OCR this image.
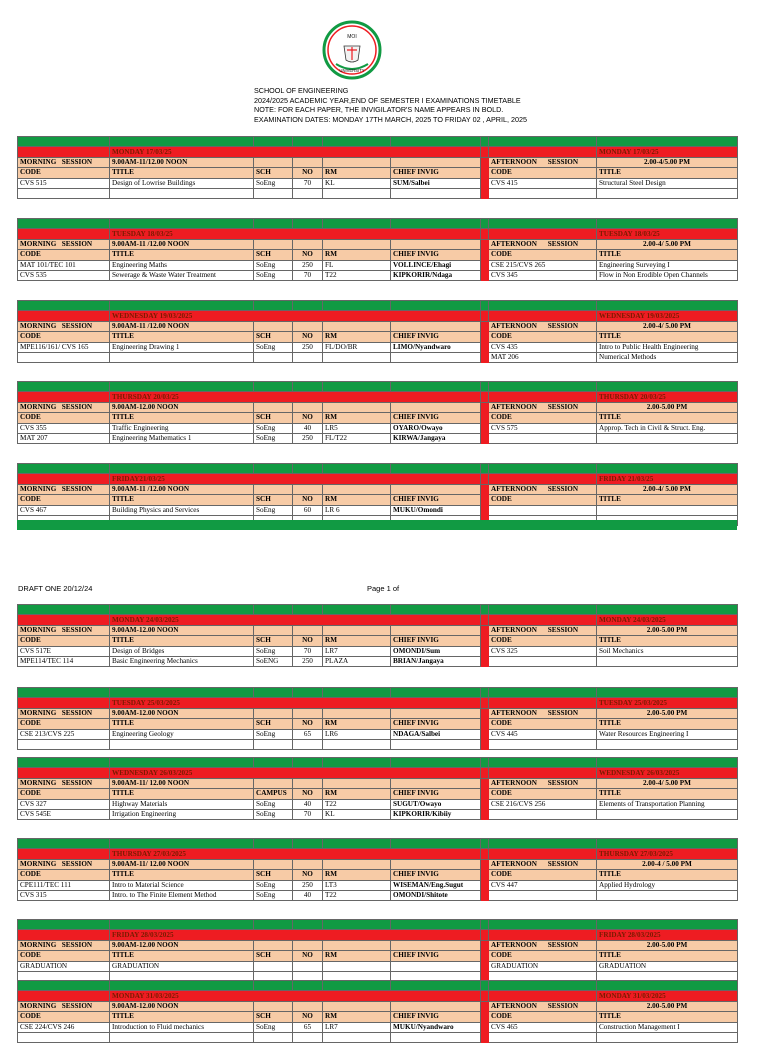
MOI
UNIVERSITY
SCHOOL OF ENGINEERING
2024/2025 ACADEMIC YEAR,END OF SEMESTER I EXAMINATIONS TIMETABLE
NOTE: FOR EACH PAPER, THE INVIGILATOR'S NAME APPEARS IN BOLD.
EXAMINATION DATES: MONDAY 17TH MARCH, 2025 TO FRIDAY 02 , APRIL, 2025
DRAFT ONE 20/12/24	Page 1 of

	MONDAY 17/03/25							MONDAY 17/03/25
MORNING SESSION	9.00AM-11/12.00 NOON						AFTERNOON SESSION	2.00-4/5.00 PM
CODE	TITLE	SCH	NO	RM	CHIEF INVIG		CODE	TITLE
CVS 515	Design of Lowrise Buildings	SoEng	70	KL	SUM/Salbei		CVS 415	Structural Steel Design

	TUESDAY 18/03/25							TUESDAY 18/03/25
MORNING SESSION	9.00AM-11 /12.00 NOON						AFTERNOON SESSION	2.00-4/ 5.00 PM
CODE	TITLE	SCH	NO	RM	CHIEF INVIG		CODE	TITLE
MAT 101/TEC 101	Engineering Maths	SoEng	250	FL	VOLLINCE/Ehagi		CSE 215/CVS 265	Engineering Surveying I
CVS 535	Sewerage & Waste Water Treatment	SoEng	70	T22	KIPKORIR/Ndaga		CVS 345	Flow in Non Erodible Open Channels

	WEDNESDAY 19/03/2025							WEDNESDAY 19/03/2025
MORNING SESSION	9.00AM-11 /12.00 NOON						AFTERNOON SESSION	2.00-4/ 5.00 PM
CODE	TITLE	SCH	NO	RM	CHIEF INVIG		CODE	TITLE
MPE116/161/ CVS 165	Engineering Drawing 1	SoEng	250	FL/DO/BR	LIMO/Nyandwaro		CVS 435	Intro to Public Health Engineering
							MAT 206	Numerical Methods

	THURSDAY 20/03/25							THURSDAY 20/03/25
MORNING SESSION	9.00AM-12.00 NOON						AFTERNOON SESSION	2.00-5.00 PM
CODE	TITLE	SCH	NO	RM	CHIEF INVIG		CODE	TITLE
CVS 355	Traffic Engineering	SoEng	40	LR5	OYARO/Owayo		CVS 575	Approp. Tech in Civil & Struct. Eng.
MAT 207	Engineering Mathematics 1	SoEng	250	FL/T22	KIRWA/Jangaya			

	FRIDAY21/03/25							FRIDAY 21/03/25
MORNING SESSION	9.00AM-11 /12.00 NOON						AFTERNOON SESSION	2.00-4/ 5.00 PM
CODE	TITLE	SCH	NO	RM	CHIEF INVIG		CODE	TITLE
CVS 467	Building Physics and Services	SoEng	60	LR 6	MUKU/Omondi			

	MONDAY 24/03/2025							MONDAY 24/03/2025
MORNING SESSION	9.00AM-12.00 NOON						AFTERNOON SESSION	2.00-5.00 PM
CODE	TITLE	SCH	NO	RM	CHIEF INVIG		CODE	TITLE
CVS 517E	Design of Bridges	SoEng	70	LR7	OMONDI/Sum		CVS 325	Soil Mechanics
MPE114/TEC 114	Basic Engineering Mechanics	SoENG	250	PLAZA	BRIAN/Jangaya			

	TUESDAY 25/03/2025							TUESDAY 25/03/2025
MORNING SESSION	9.00AM-12.00 NOON						AFTERNOON SESSION	2.00-5.00 PM
CODE	TITLE	SCH	NO	RM	CHIEF INVIG		CODE	TITLE
CSE 213/CVS 225	Engineering Geology	SoEng	65	LR6	NDAGA/Salbei		CVS 445	Water Resources Engineering I

	WEDNESDAY 26/03/2025							WEDNESDAY 26/03/2025
MORNING SESSION	9.00AM-11/ 12.00 NOON						AFTERNOON SESSION	2.00-4/ 5.00 PM
CODE	TITLE	CAMPUS	NO	RM	CHIEF INVIG		CODE	TITLE
CVS 327	Highway Materials	SoEng	40	T22	SUGUT/Owayo		CSE 216/CVS 256	Elements of Transportation Planning
CVS 545E	Irrigation Engineering	SoEng	70	KL	KIPKORIR/Kibiiy			

	THURSDAY 27/03/2025							THURSDAY 27/03/2025
MORNING SESSION	9.00AM-11/ 12.00 NOON						AFTERNOON SESSION	2.00-4 / 5.00 PM
CODE	TITLE	SCH	NO	RM	CHIEF INVIG		CODE	TITLE
CPE111/TEC 111	Intro to Material Science	SoEng	250	LT3	WISEMAN/Eng.Sugut		CVS 447	Applied Hydrology
CVS 315	Intro. to The Finite Element Method	SoEng	40	T22	OMONDI/Shitote			

	FRIDAY 28/03/2025							FRIDAY 28/03/2025
MORNING SESSION	9.00AM-12.00 NOON						AFTERNOON SESSION	2.00-5.00 PM
CODE	TITLE	SCH	NO	RM	CHIEF INVIG		CODE	TITLE
GRADUATION	GRADUATION						GRADUATION	GRADUATION

	MONDAY 31/03/2025							MONDAY 31/03/2025
MORNING SESSION	9.00AM-12.00 NOON						AFTERNOON SESSION	2.00-5.00 PM
CODE	TITLE	SCH	NO	RM	CHIEF INVIG		CODE	TITLE
CSE 224/CVS 246	Introduction to Fluid mechanics	SoEng	65	LR7	MUKU/Nyandwaro		CVS 465	Construction Management I
